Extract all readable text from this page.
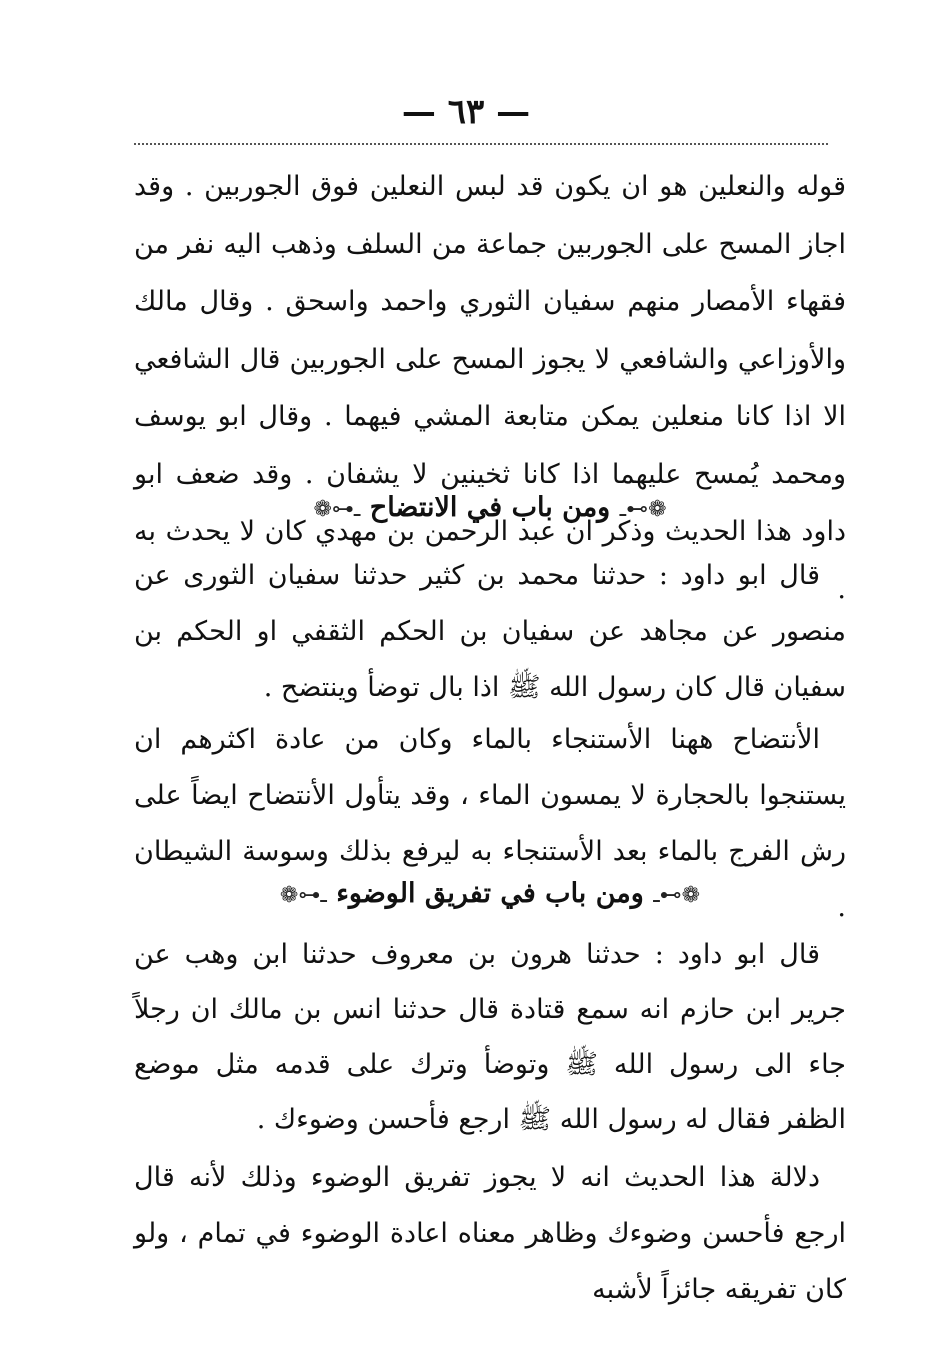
— ٦٣ —

قوله والنعلين هو ان يكون قد لبس النعلين فوق الجوربين . وقد اجاز المسح على الجوربين جماعة من السلف وذهب اليه نفر من فقهاء الأمصار منهم سفيان الثوري واحمد واسحق . وقال مالك والأوزاعي والشافعي لا يجوز المسح على الجوربين قال الشافعي الا اذا كانا منعلين يمكن متابعة المشي فيهما . وقال ابو يوسف ومحمد يُمسح عليهما اذا كانا ثخينين لا يشفان . وقد ضعف ابو داود هذا الحديث وذكر ان عبد الرحمن بن مهدي كان لا يحدث به .

❁⊶ـ ومن باب في الانتضاح ـ⊷❁

قال ابو داود : حدثنا محمد بن كثير حدثنا سفيان الثورى عن منصور عن مجاهد عن سفيان بن الحكم الثقفي او الحكم بن سفيان قال كان رسول الله ﷺ اذا بال توضأ وينتضح .

الأنتضاح ههنا الأستنجاء بالماء وكان من عادة اكثرهم ان يستنجوا بالحجارة لا يمسون الماء ، وقد يتأول الأنتضاح ايضاً على رش الفرج بالماء بعد الأستنجاء به ليرفع بذلك وسوسة الشيطان .

❁⊶ـ ومن باب في تفريق الوضوء ـ⊷❁

قال ابو داود : حدثنا هرون بن معروف حدثنا ابن وهب عن جرير ابن حازم انه سمع قتادة قال حدثنا انس بن مالك ان رجلاً جاء الى رسول الله ﷺ وتوضأ وترك على قدمه مثل موضع الظفر فقال له رسول الله ﷺ ارجع فأحسن وضوءك .

دلالة هذا الحديث انه لا يجوز تفريق الوضوء وذلك لأنه قال ارجع فأحسن وضوءك وظاهر معناه اعادة الوضوء في تمام ، ولو كان تفريقه جائزاً لأشبه
